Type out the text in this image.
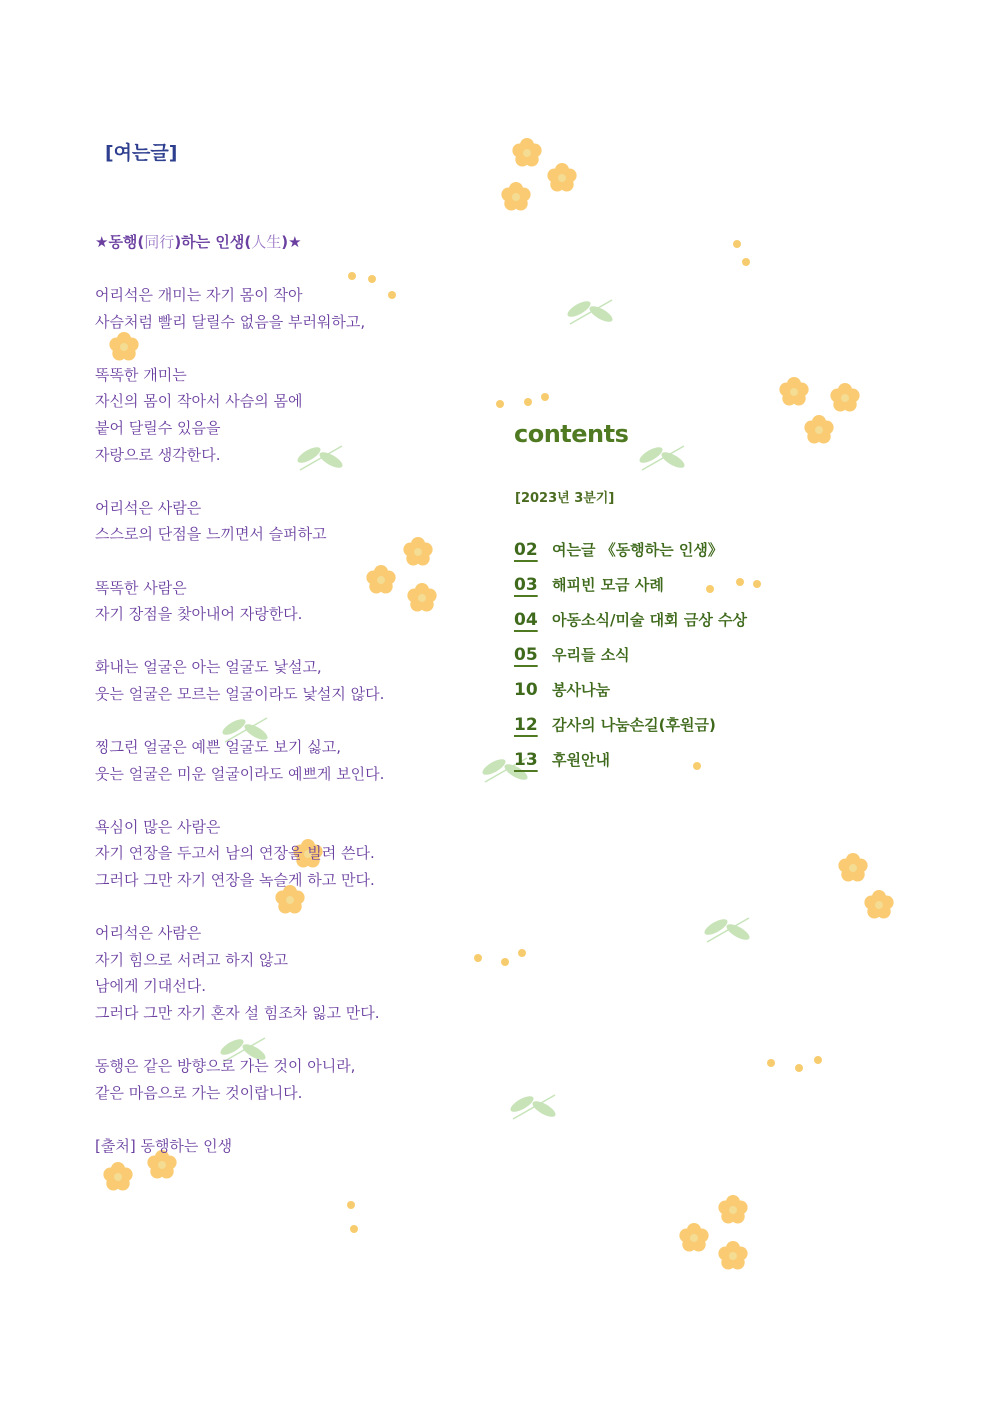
[여는글]
★동행(同行)하는 인생(人生)★
어리석은 개미는 자기 몸이 작아
사슴처럼 빨리 달릴수 없음을 부러워하고,
똑똑한 개미는
자신의 몸이 작아서 사슴의 몸에
붙어 달릴수 있음을
자랑으로 생각한다.
어리석은 사람은
스스로의 단점을 느끼면서 슬퍼하고
똑똑한 사람은
자기 장점을 찾아내어 자랑한다.
화내는 얼굴은 아는 얼굴도 낯설고,
웃는 얼굴은 모르는 얼굴이라도 낯설지 않다.
찡그린 얼굴은 예쁜 얼굴도 보기 싫고,
웃는 얼굴은 미운 얼굴이라도 예쁘게 보인다.
욕심이 많은 사람은
자기 연장을 두고서 남의 연장을 빌려 쓴다.
그러다 그만 자기 연장을 녹슬게 하고 만다.
어리석은 사람은
자기 힘으로 서려고 하지 않고
남에게 기대선다.
그러다 그만 자기 혼자 설 힘조차 잃고 만다.
동행은 같은 방향으로 가는 것이 아니라,
같은 마음으로 가는 것이랍니다.
[출처] 동행하는 인생
contents
[2023년 3분기]
02 여는글 《동행하는 인생》
03 해피빈 모금 사례
04 아동소식/미술 대회 금상 수상
05 우리들 소식
10 봉사나눔
12 감사의 나눔손길(후원금)
13 후원안내
